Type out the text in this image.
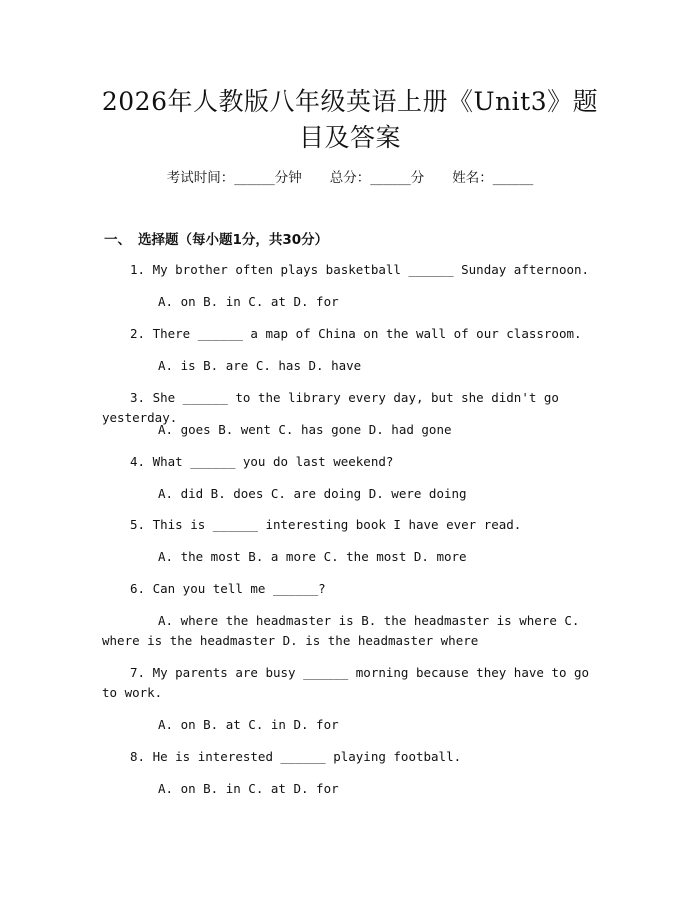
2026年人教版八年级英语上册《Unit3》题
目及答案
考试时间：______分钟 总分：______分 姓名：______
一、 选择题（每小题1分，共30分）
1. My brother often plays basketball ______ Sunday afternoon.
A. on B. in C. at D. for
2. There ______ a map of China on the wall of our classroom.
A. is B. are C. has D. have
3. She ______ to the library every day, but she didn't go yesterday.
A. goes B. went C. has gone D. had gone
4. What ______ you do last weekend?
A. did B. does C. are doing D. were doing
5. This is ______ interesting book I have ever read.
A. the most B. a more C. the most D. more
6. Can you tell me ______?
A. where the headmaster is B. the headmaster is where C. where is the headmaster D. is the headmaster where
7. My parents are busy ______ morning because they have to go to work.
A. on B. at C. in D. for
8. He is interested ______ playing football.
A. on B. in C. at D. for
